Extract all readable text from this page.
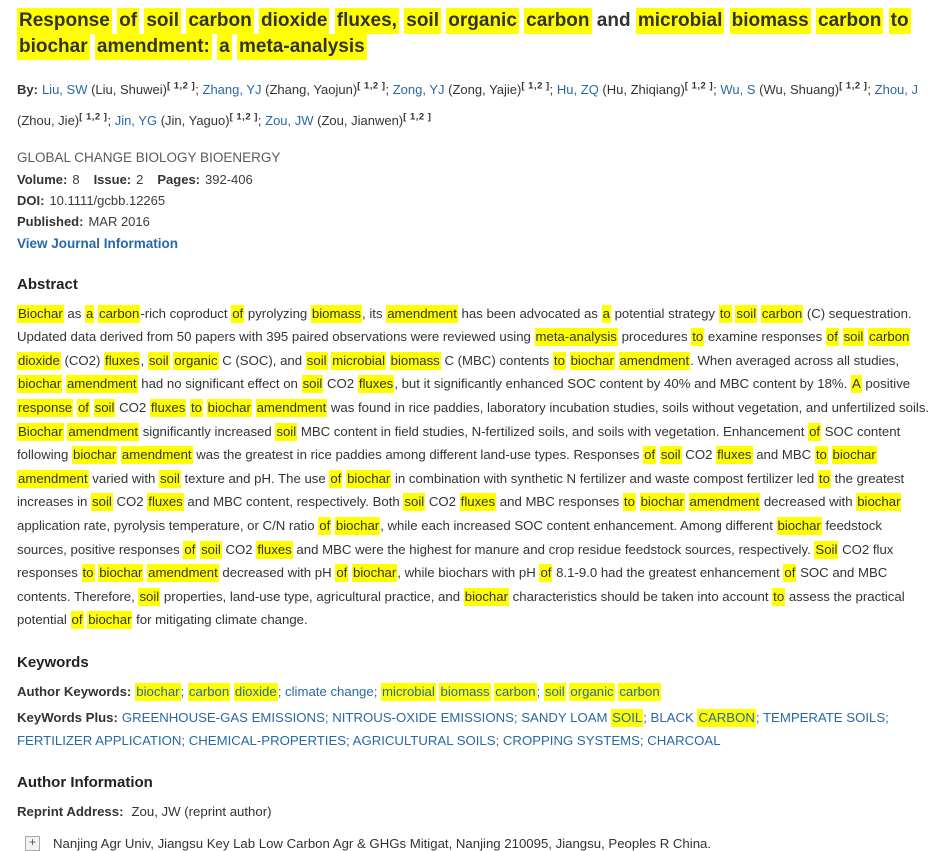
Response of soil carbon dioxide fluxes, soil organic carbon and microbial biomass carbon to biochar amendment: a meta-analysis
By: Liu, SW (Liu, Shuwei)[ 1,2 ]; Zhang, YJ (Zhang, Yaojun)[ 1,2 ]; Zong, YJ (Zong, Yajie)[ 1,2 ]; Hu, ZQ (Hu, Zhiqiang)[ 1,2 ]; Wu, S (Wu, Shuang)[ 1,2 ]; Zhou, J (Zhou, Jie)[ 1,2 ]; Jin, YG (Jin, Yaguo)[ 1,2 ]; Zou, JW (Zou, Jianwen)[ 1,2 ]
GLOBAL CHANGE BIOLOGY BIOENERGY
Volume: 8 Issue: 2 Pages: 392-406
DOI: 10.1111/gcbb.12265
Published: MAR 2016
View Journal Information
Abstract

Biochar as a carbon-rich coproduct of pyrolyzing biomass, its amendment has been advocated as a potential strategy to soil carbon (C) sequestration. Updated data derived from 50 papers with 395 paired observations were reviewed using meta-analysis procedures to examine responses of soil carbon dioxide (CO2) fluxes, soil organic C (SOC), and soil microbial biomass C (MBC) contents to biochar amendment. When averaged across all studies, biochar amendment had no significant effect on soil CO2 fluxes, but it significantly enhanced SOC content by 40% and MBC content by 18%. A positive response of soil CO2 fluxes to biochar amendment was found in rice paddies, laboratory incubation studies, soils without vegetation, and unfertilized soils. Biochar amendment significantly increased soil MBC content in field studies, N-fertilized soils, and soils with vegetation. Enhancement of SOC content following biochar amendment was the greatest in rice paddies among different land-use types. Responses of soil CO2 fluxes and MBC to biochar amendment varied with soil texture and pH. The use of biochar in combination with synthetic N fertilizer and waste compost fertilizer led to the greatest increases in soil CO2 fluxes and MBC content, respectively. Both soil CO2 fluxes and MBC responses to biochar amendment decreased with biochar application rate, pyrolysis temperature, or C/N ratio of biochar, while each increased SOC content enhancement. Among different biochar feedstock sources, positive responses of soil CO2 fluxes and MBC were the highest for manure and crop residue feedstock sources, respectively. Soil CO2 flux responses to biochar amendment decreased with pH of biochar, while biochars with pH of 8.1-9.0 had the greatest enhancement of SOC and MBC contents. Therefore, soil properties, land-use type, agricultural practice, and biochar characteristics should be taken into account to assess the practical potential of biochar for mitigating climate change.

Keywords

Author Keywords: biochar; carbon dioxide; climate change; microbial biomass carbon; soil organic carbon

KeyWords Plus: GREENHOUSE-GAS EMISSIONS; NITROUS-OXIDE EMISSIONS; SANDY LOAM SOIL; BLACK CARBON; TEMPERATE SOILS; FERTILIZER APPLICATION; CHEMICAL-PROPERTIES; AGRICULTURAL SOILS; CROPPING SYSTEMS; CHARCOAL

Author Information

Reprint Address: Zou, JW (reprint author)

+	Nanjing Agr Univ, Jiangsu Key Lab Low Carbon Agr & GHGs Mitigat, Nanjing 210095, Jiangsu, Peoples R China.
